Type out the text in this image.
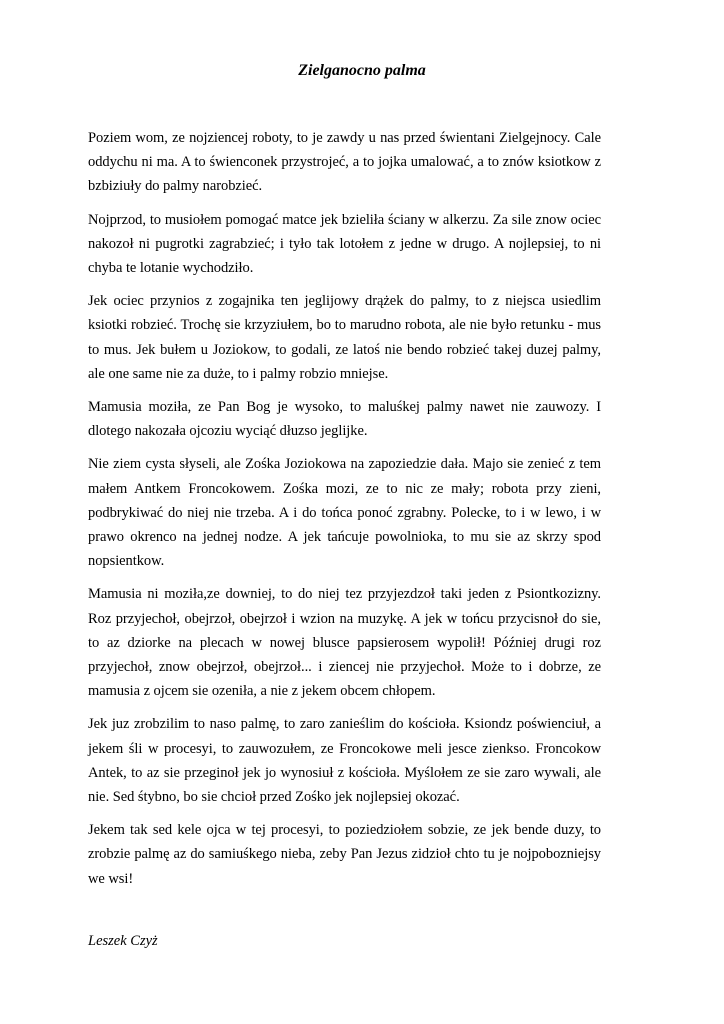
Zielganocno palma

Poziem wom, ze nojziencej roboty, to je zawdy u nas przed świentani Zielgejnocy. Cale oddychu ni ma. A to świenconek przystrojeć, a to jojka umalować, a to znów ksiotkow z bzbiziuły do palmy narobzieć.

Nojprzod, to musiołem pomogać matce jek bzieliła ściany w alkerzu. Za sile znow ociec nakozoł ni pugrotki zagrabzieć; i tyło tak lotołem z jedne w drugo. A nojlepsiej, to ni chyba te lotanie wychodziło.

Jek ociec przynios z zogajnika ten jeglijowy drążek do palmy, to z niejsca usiedlim ksiotki robzieć. Trochę sie krzyziułem, bo to marudno robota, ale nie było retunku - mus to mus. Jek bułem u Joziokow, to godali, ze latoś nie bendo robzieć takej duzej palmy, ale one same nie za duże, to i palmy robzio mniejse.

Mamusia moziła, ze Pan Bog je wysoko, to maluśkej palmy nawet nie zauwozy. I dlotego nakozała ojcoziu wyciąć dłuzso jeglijke.

Nie ziem cysta słyseli, ale Zośka Joziokowa na zapoziedzie dała. Majo sie zenieć z tem małem Antkem Froncokowem. Zośka mozi, ze to nic ze mały; robota przy zieni, podbrykiwać do niej nie trzeba. A i do tońca ponoć zgrabny. Polecke, to i w lewo, i w prawo okrenco na jednej nodze. A jek tańcuje powolnioka, to mu sie az skrzy spod nopsientkow.

Mamusia ni moziła,ze downiej, to do niej tez przyjezdzoł taki jeden z Psiontkozizny. Roz przyjechoł, obejrzoł, obejrzoł i wzion na muzykę. A jek w tońcu przycisnoł do sie, to az dziorke na plecach w nowej blusce papsierosem wypolił! Później drugi roz przyjechoł, znow obejrzoł, obejrzoł... i ziencej nie przyjechoł. Może to i dobrze, ze mamusia z ojcem sie ozeniła, a nie z jekem obcem chłopem.

Jek juz zrobzilim to naso palmę, to zaro zanieślim do kościoła. Ksiondz poświenciuł, a jekem śli w procesyi, to zauwozułem, ze Froncokowe meli jesce zienkso. Froncokow Antek, to az sie przeginoł jek jo wynosiuł z kościoła. Myślołem ze sie zaro wywali, ale nie. Sed śtybno, bo sie chcioł przed Zośko jek nojlepsiej okozać.

Jekem tak sed kele ojca w tej procesyi, to poziedziołem sobzie, ze jek bende duzy, to zrobzie palmę az do samiuśkego nieba, zeby Pan Jezus zidzioł chto tu je nojpobozniejsy we wsi!

Leszek Czyż
